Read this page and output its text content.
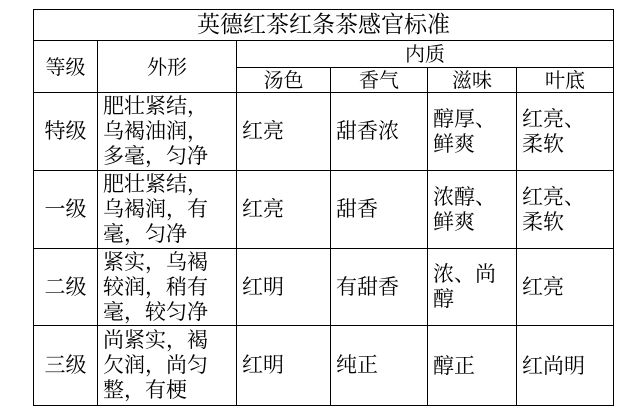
英德红茶红条茶感官标准					
等级	外形	内质			
		汤色	香气	滋味	叶底
特级	肥壮紧结，乌褐油润，多毫，匀净	红亮	甜香浓	醇厚、鲜爽	红亮、柔软
一级	肥壮紧结，乌褐润，有毫，匀净	红亮	甜香	浓醇、鲜爽	红亮、柔软
二级	紧实，乌褐较润，稍有毫，较匀净	红明	有甜香	浓、尚醇	红亮
三级	尚紧实，褐欠润，尚匀整，有梗	红明	纯正	醇正	红尚明
